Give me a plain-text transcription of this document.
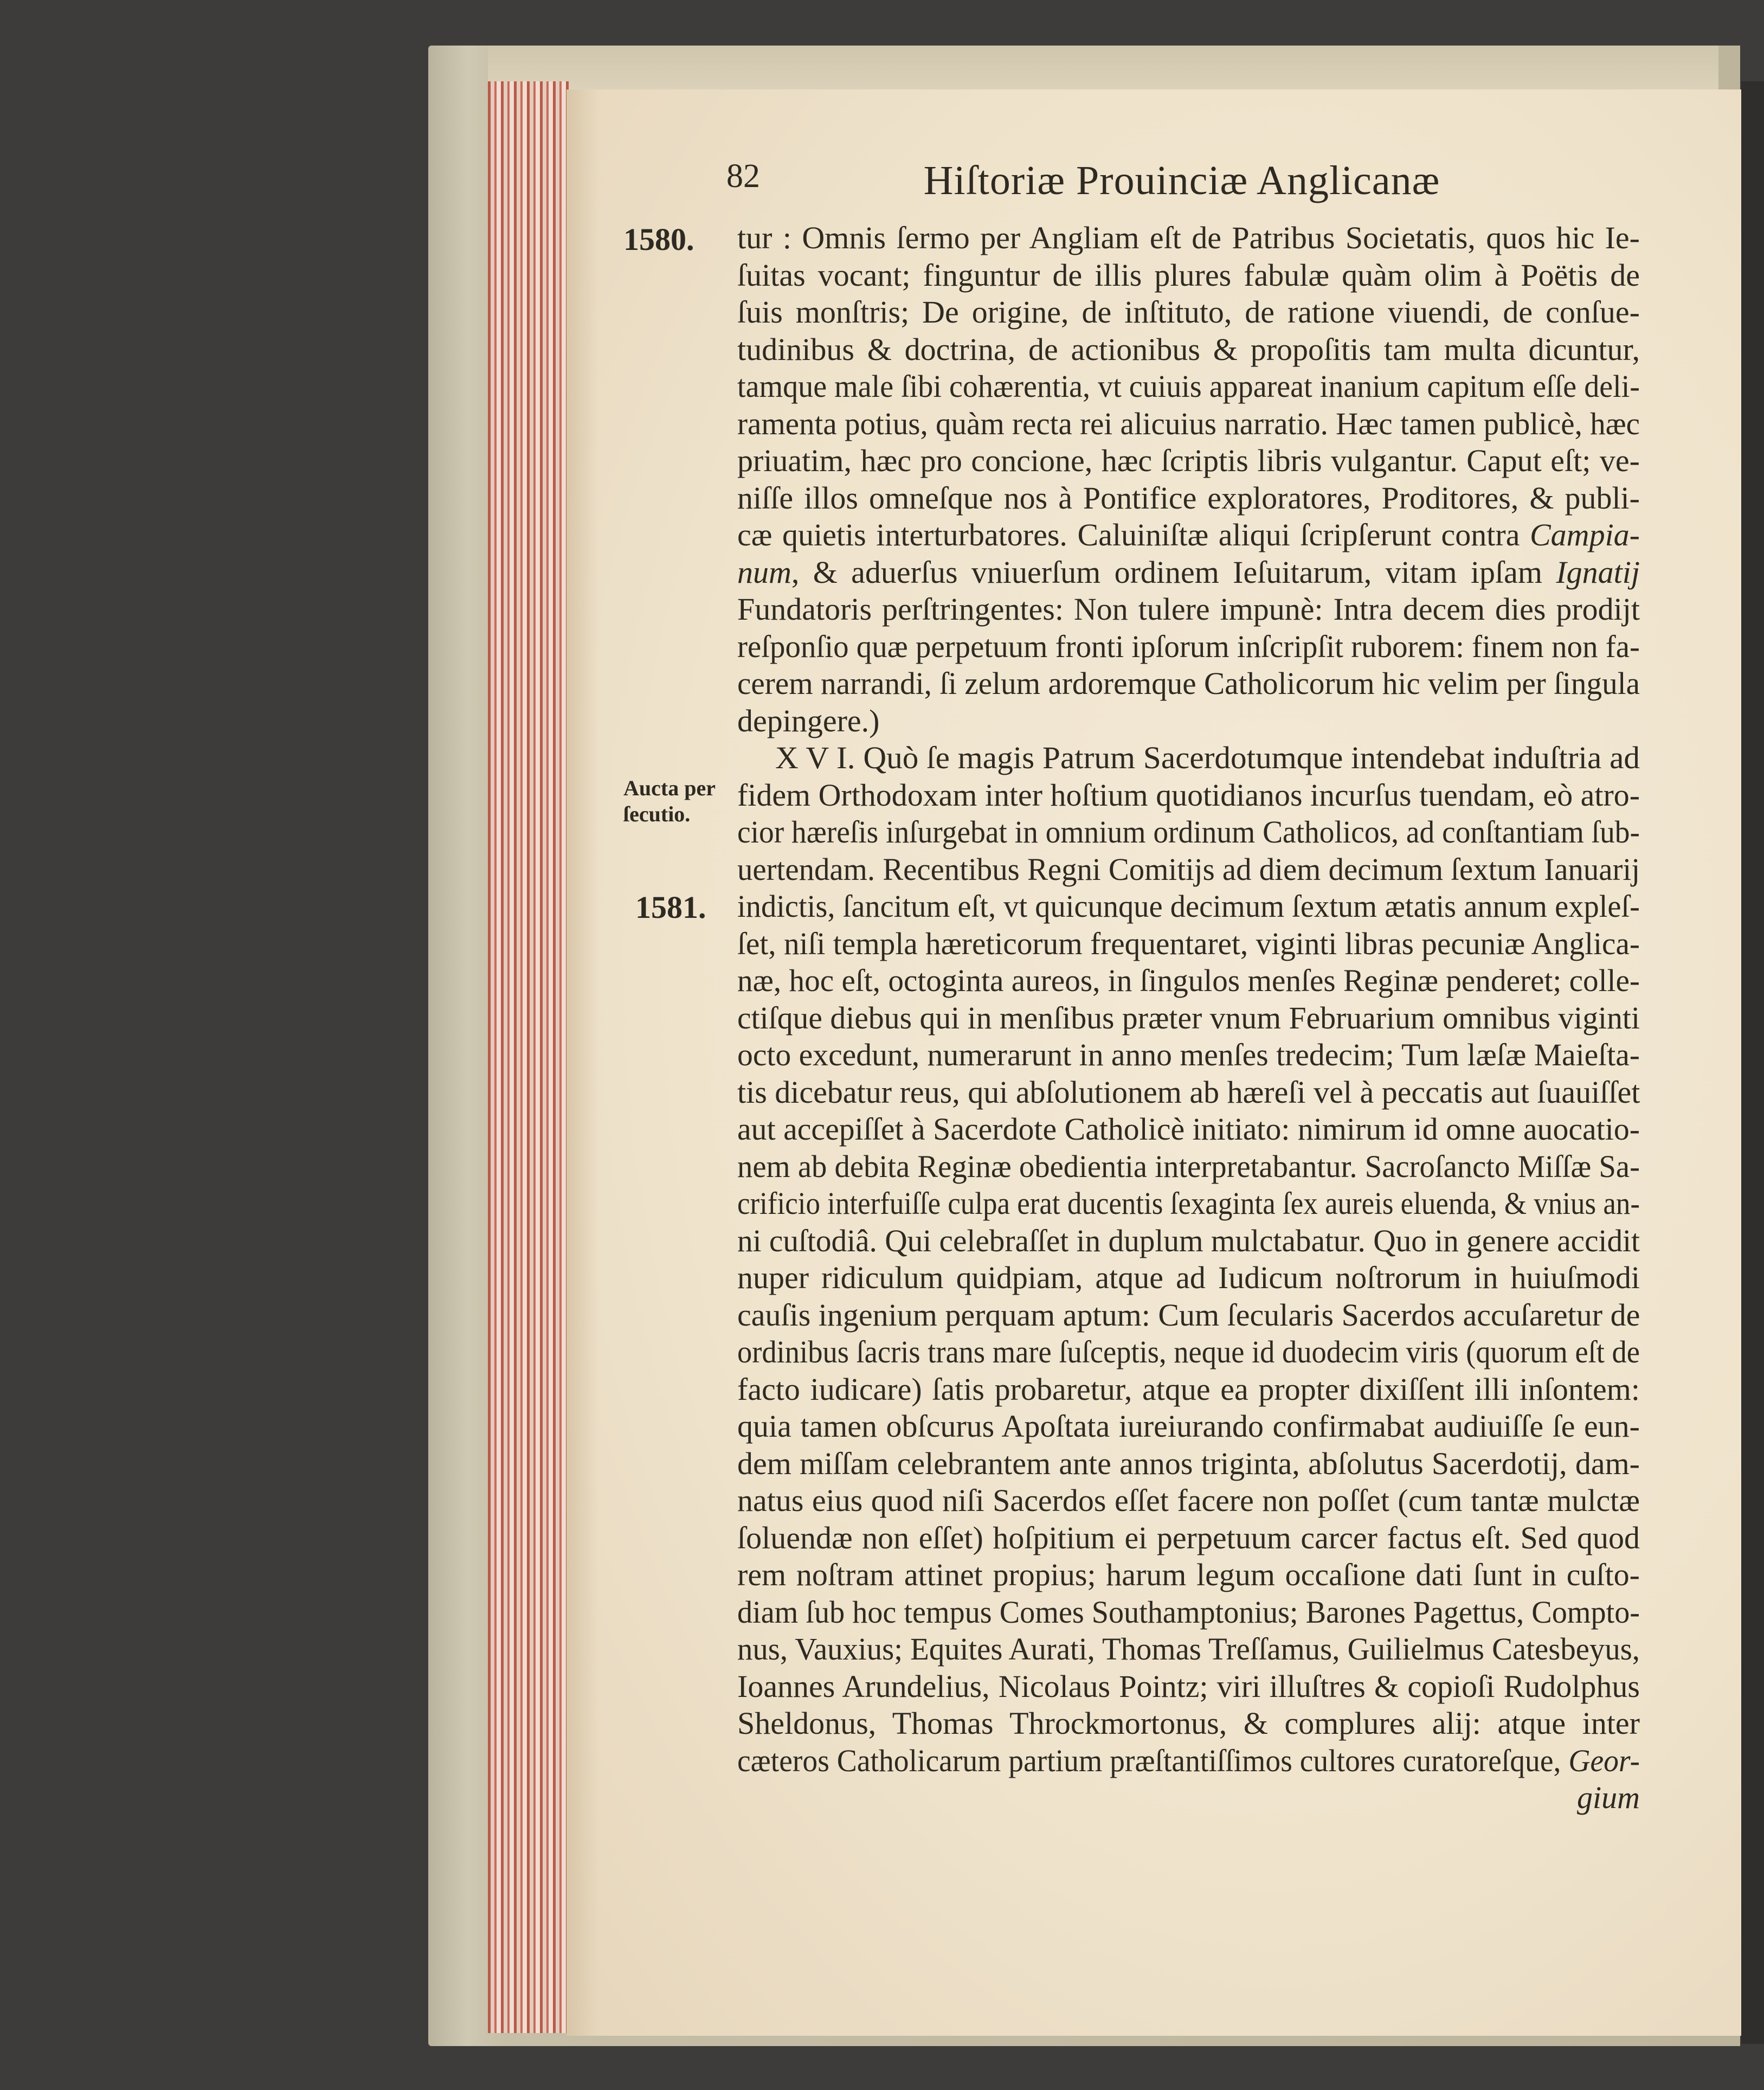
82	Hiſtoriæ Prouinciæ Anglicanæ
1580.
Aucta per
ſecutio.
1581.
tur : Omnis ſermo per Angliam eſt de Patribus Societatis, quos hic Ie-
ſuitas vocant; finguntur de illis plures fabulæ quàm olim à Poëtis de
ſuis monſtris; De origine, de inſtituto, de ratione viuendi, de conſue-
tudinibus & doctrina, de actionibus & propoſitis tam multa dicuntur,
tamque male ſibi cohærentia, vt cuiuis appareat inanium capitum eſſe deli-
ramenta potius, quàm recta rei alicuius narratio. Hæc tamen publicè, hæc
priuatim, hæc pro concione, hæc ſcriptis libris vulgantur. Caput eſt; ve-
niſſe illos omneſque nos à Pontifice exploratores, Proditores, & publi-
cæ quietis interturbatores. Caluiniſtæ aliqui ſcripſerunt contra Campia-
num, & aduerſus vniuerſum ordinem Ieſuitarum, vitam ipſam Ignatij
Fundatoris perſtringentes: Non tulere impunè: Intra decem dies prodijt
reſponſio quæ perpetuum fronti ipſorum inſcripſit ruborem: finem non fa-
cerem narrandi, ſi zelum ardoremque Catholicorum hic velim per ſingula
depingere.)
X V I. Quò ſe magis Patrum Sacerdotumque intendebat induſtria ad
fidem Orthodoxam inter hoſtium quotidianos incurſus tuendam, eò atro-
cior hæreſis inſurgebat in omnium ordinum Catholicos, ad conſtantiam ſub-
uertendam. Recentibus Regni Comitijs ad diem decimum ſextum Ianuarij
indictis, ſancitum eſt, vt quicunque decimum ſextum ætatis annum expleſ-
ſet, niſi templa hæreticorum frequentaret, viginti libras pecuniæ Anglica-
næ, hoc eſt, octoginta aureos, in ſingulos menſes Reginæ penderet; colle-
ctiſque diebus qui in menſibus præter vnum Februarium omnibus viginti
octo excedunt, numerarunt in anno menſes tredecim; Tum læſæ Maieſta-
tis dicebatur reus, qui abſolutionem ab hæreſi vel à peccatis aut ſuauiſſet
aut accepiſſet à Sacerdote Catholicè initiato: nimirum id omne auocatio-
nem ab debita Reginæ obedientia interpretabantur. Sacroſancto Miſſæ Sa-
crificio interfuiſſe culpa erat ducentis ſexaginta ſex aureis eluenda, & vnius an-
ni cuſtodiâ. Qui celebraſſet in duplum mulctabatur. Quo in genere accidit
nuper ridiculum quidpiam, atque ad Iudicum noſtrorum in huiuſmodi
cauſis ingenium perquam aptum: Cum ſecularis Sacerdos accuſaretur de
ordinibus ſacris trans mare ſuſceptis, neque id duodecim viris (quorum eſt de
facto iudicare) ſatis probaretur, atque ea propter dixiſſent illi inſontem:
quia tamen obſcurus Apoſtata iureiurando confirmabat audiuiſſe ſe eun-
dem miſſam celebrantem ante annos triginta, abſolutus Sacerdotij, dam-
natus eius quod niſi Sacerdos eſſet facere non poſſet (cum tantæ mulctæ
ſoluendæ non eſſet) hoſpitium ei perpetuum carcer factus eſt. Sed quod
rem noſtram attinet propius; harum legum occaſione dati ſunt in cuſto-
diam ſub hoc tempus Comes Southamptonius; Barones Pagettus, Compto-
nus, Vauxius; Equites Aurati, Thomas Treſſamus, Guilielmus Catesbeyus,
Ioannes Arundelius, Nicolaus Pointz; viri illuſtres & copioſi Rudolphus
Sheldonus, Thomas Throckmortonus, & complures alij: atque inter
cæteros Catholicarum partium præſtantiſſimos cultores curatoreſque, Geor-
gium
